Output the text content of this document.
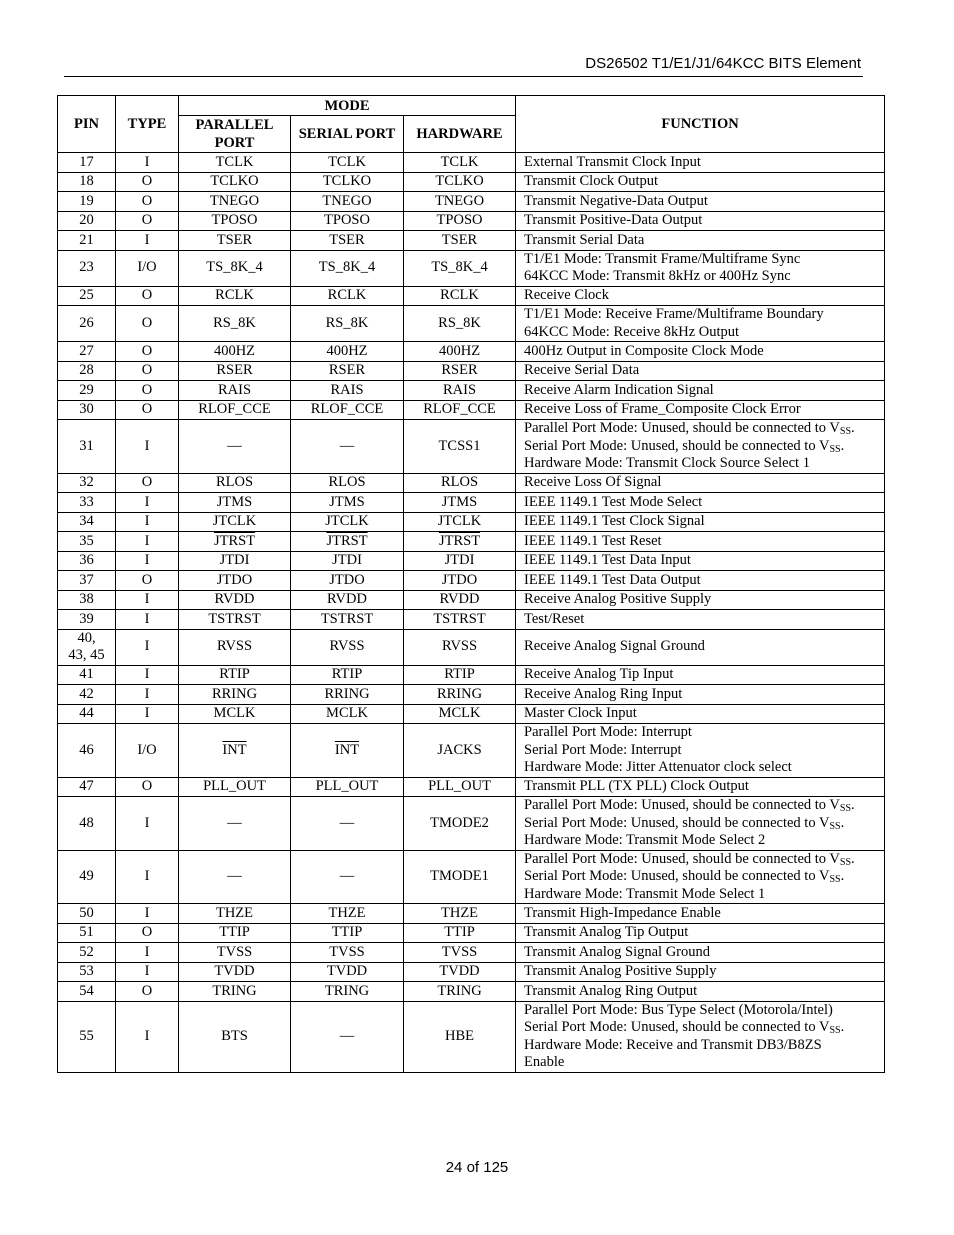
DS26502 T1/E1/J1/64KCC BITS Element
PIN	TYPE	MODE			FUNCTION
		PARALLEL PORT	SERIAL PORT	HARDWARE	
17	I	TCLK	TCLK	TCLK	External Transmit Clock Input

18	O	TCLKO	TCLKO	TCLKO	Transmit Clock Output

19	O	TNEGO	TNEGO	TNEGO	Transmit Negative-Data Output

20	O	TPOSO	TPOSO	TPOSO	Transmit Positive-Data Output

21	I	TSER	TSER	TSER	Transmit Serial Data

23	I/O	TS_8K_4	TS_8K_4	TS_8K_4	T1/E1 Mode: Transmit Frame/Multiframe Sync
64KCC Mode: Transmit 8kHz or 400Hz Sync

25	O	RCLK	RCLK	RCLK	Receive Clock

26	O	RS_8K	RS_8K	RS_8K	T1/E1 Mode: Receive Frame/Multiframe Boundary
64KCC Mode: Receive 8kHz Output

27	O	400HZ	400HZ	400HZ	400Hz Output in Composite Clock Mode

28	O	RSER	RSER	RSER	Receive Serial Data

29	O	RAIS	RAIS	RAIS	Receive Alarm Indication Signal

30	O	RLOF_CCE	RLOF_CCE	RLOF_CCE	Receive Loss of Frame_Composite Clock Error

31	I	—	—	TCSS1	Parallel Port Mode: Unused, should be connected to $V_{SS}$.
Serial Port Mode: Unused, should be connected to $V_{SS}$.
Hardware Mode: Transmit Clock Source Select 1

32	O	RLOS	RLOS	RLOS	Receive Loss Of Signal

33	I	JTMS	JTMS	JTMS	IEEE 1149.1 Test Mode Select

34	I	JTCLK	JTCLK	JTCLK	IEEE 1149.1 Test Clock Signal

35	I	JTRST	JTRST	JTRST	IEEE 1149.1 Test Reset

36	I	JTDI	JTDI	JTDI	IEEE 1149.1 Test Data Input

37	O	JTDO	JTDO	JTDO	IEEE 1149.1 Test Data Output

38	I	RVDD	RVDD	RVDD	Receive Analog Positive Supply

39	I	TSTRST	TSTRST	TSTRST	Test/Reset

40,
43, 45	I	RVSS	RVSS	RVSS	Receive Analog Signal Ground

41	I	RTIP	RTIP	RTIP	Receive Analog Tip Input

42	I	RRING	RRING	RRING	Receive Analog Ring Input

44	I	MCLK	MCLK	MCLK	Master Clock Input

46	I/O	$\overline{INT}$	$\overline{INT}$	JACKS	Parallel Port Mode: Interrupt
Serial Port Mode: Interrupt
Hardware Mode: Jitter Attenuator clock select

47	O	PLL_OUT	PLL_OUT	PLL_OUT	Transmit PLL (TX PLL) Clock Output

48	I	—	—	TMODE2	Parallel Port Mode: Unused, should be connected to $V_{SS}$.
Serial Port Mode: Unused, should be connected to $V_{SS}$.
Hardware Mode: Transmit Mode Select 2

49	I	—	—	TMODE1	Parallel Port Mode: Unused, should be connected to $V_{SS}$.
Serial Port Mode: Unused, should be connected to $V_{SS}$.
Hardware Mode: Transmit Mode Select 1

50	I	THZE	THZE	THZE	Transmit High-Impedance Enable

51	O	TTIP	TTIP	TTIP	Transmit Analog Tip Output

52	I	TVSS	TVSS	TVSS	Transmit Analog Signal Ground

53	I	TVDD	TVDD	TVDD	Transmit Analog Positive Supply

54	O	TRING	TRING	TRING	Transmit Analog Ring Output

55	I	BTS	—	HBE	Parallel Port Mode: Bus Type Select (Motorola/Intel)
Serial Port Mode: Unused, should be connected to $V_{SS}$.
Hardware Mode: Receive and Transmit DB3/B8ZS
Enable
24 of 125
